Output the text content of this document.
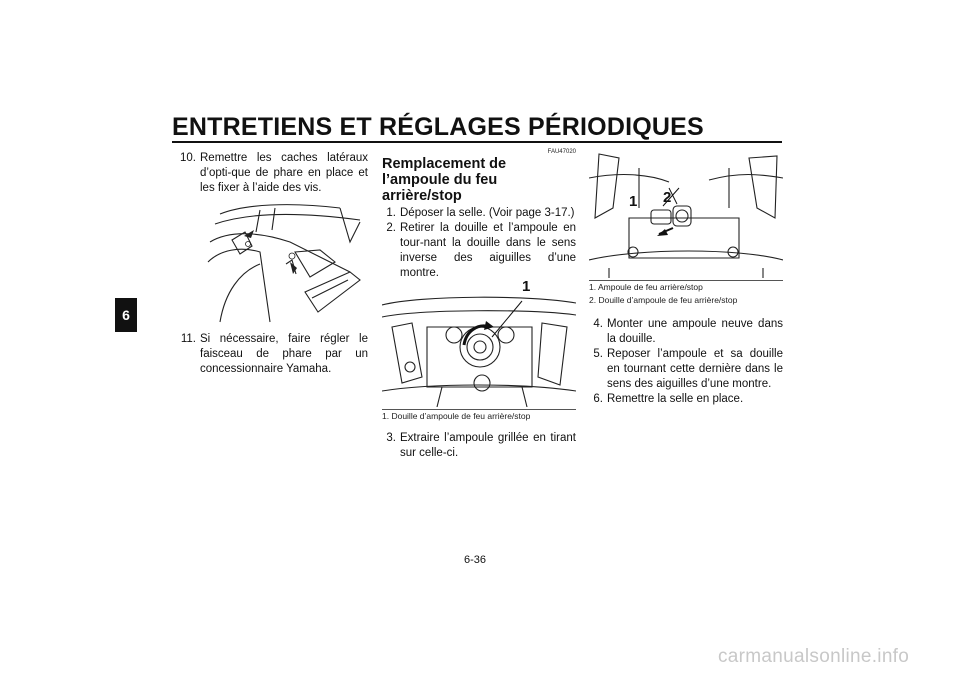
ENTRETIENS ET RÉGLAGES PÉRIODIQUES
6
10. Remettre les caches latéraux d’opti-que de phare en place et les fixer à l’aide des vis.
11. Si nécessaire, faire régler le faisceau de phare par un concessionnaire Yamaha.
FAU47020
Remplacement de l’ampoule du feu arrière/stop
1. Déposer la selle. (Voir page 3-17.)
2. Retirer la douille et l’ampoule en tour-nant la douille dans le sens inverse des aiguilles d’une montre.
1
1. Douille d’ampoule de feu arrière/stop
3. Extraire l’ampoule grillée en tirant sur celle-ci.
1 2
1. Ampoule de feu arrière/stop
2. Douille d’ampoule de feu arrière/stop
4. Monter une ampoule neuve dans la douille.
5. Reposer l’ampoule et sa douille en tournant cette dernière dans le sens des aiguilles d’une montre.
6. Remettre la selle en place.
6-36
carmanualsonline.info
